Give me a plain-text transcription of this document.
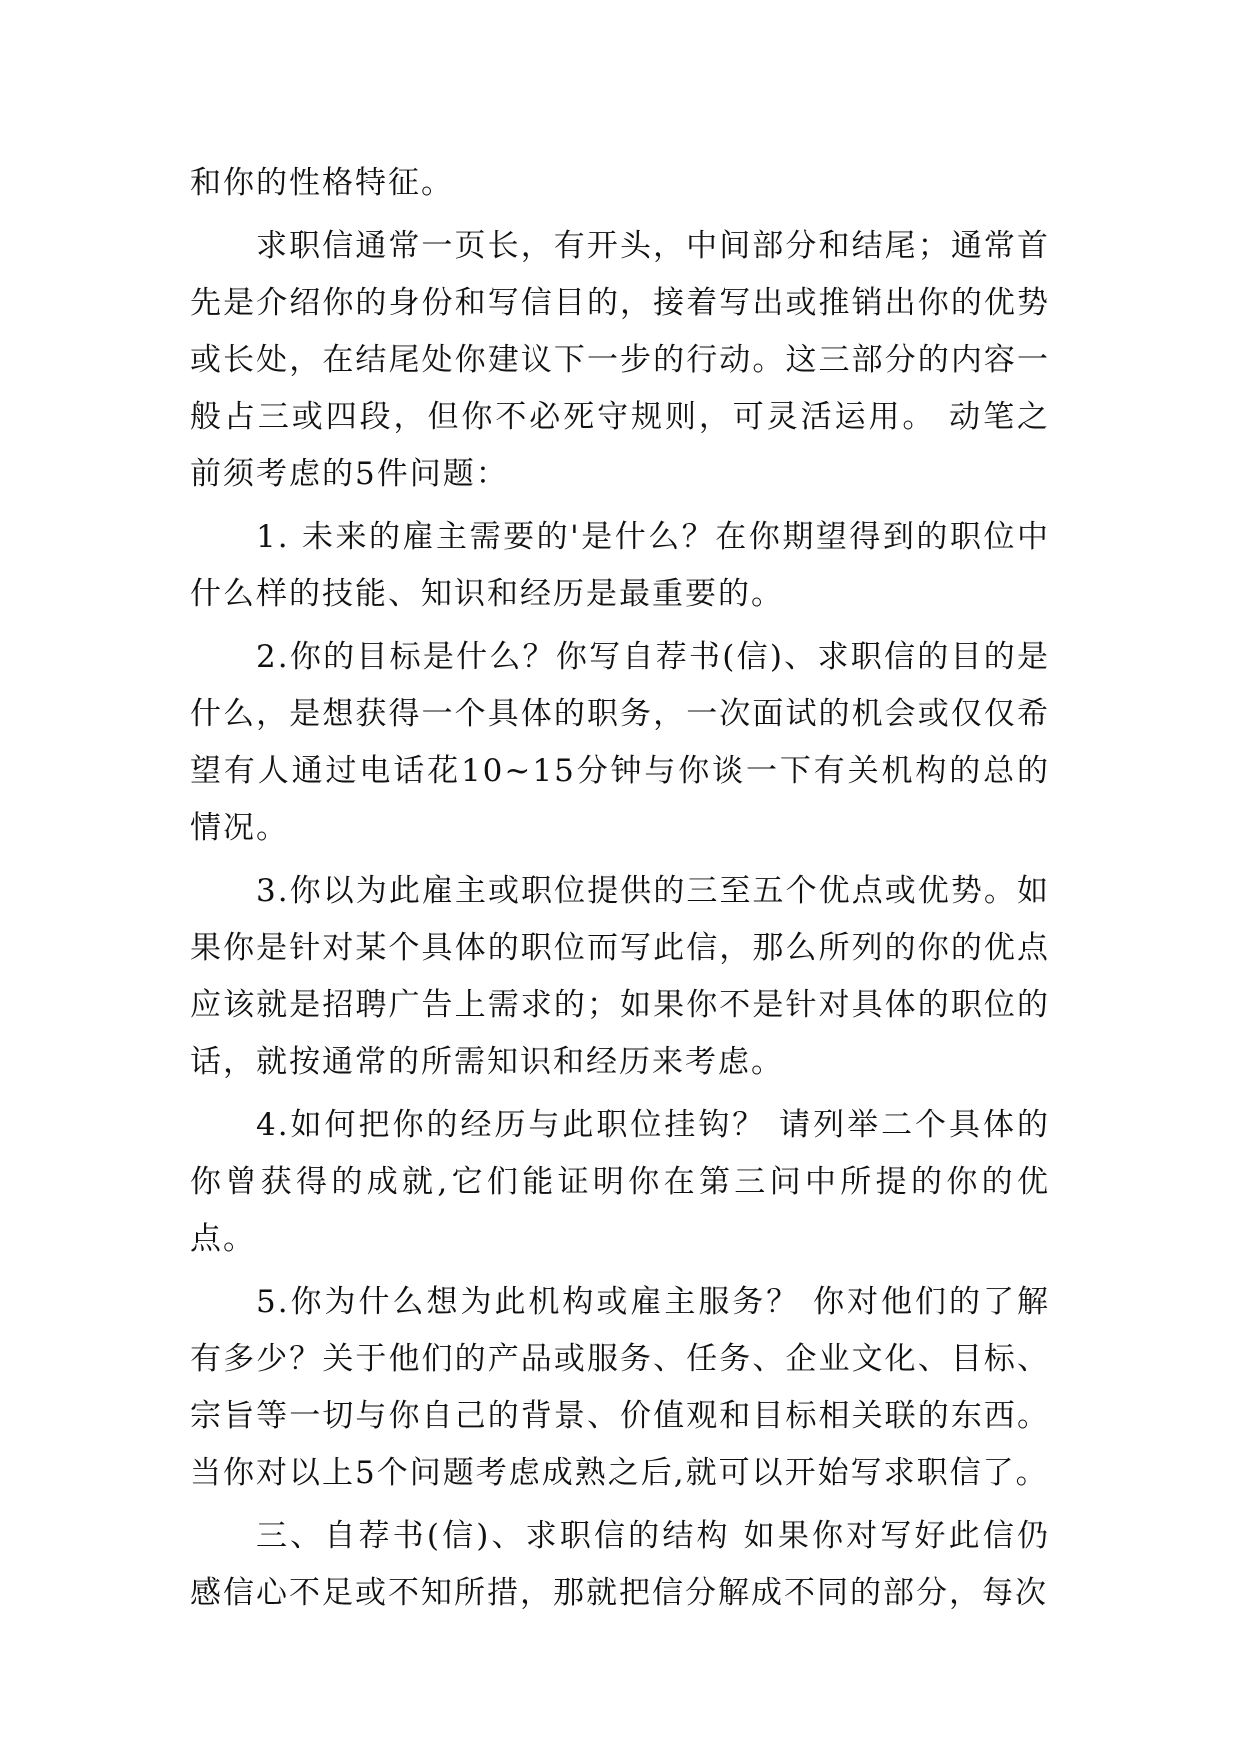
和你的性格特征。

求职信通常一页长，有开头，中间部分和结尾；通常首先是介绍你的身份和写信目的，接着写出或推销出你的优势或长处，在结尾处你建议下一步的行动。这三部分的内容一般占三或四段，但你不必死守规则，可灵活运用。 动笔之前须考虑的5件问题：

1. 未来的雇主需要的'是什么？在你期望得到的职位中什么样的技能、知识和经历是最重要的。

2.你的目标是什么？你写自荐书(信)、求职信的目的是什么，是想获得一个具体的职务，一次面试的机会或仅仅希望有人通过电话花10~15分钟与你谈一下有关机构的总的情况。

3.你以为此雇主或职位提供的三至五个优点或优势。如果你是针对某个具体的职位而写此信，那么所列的你的优点应该就是招聘广告上需求的；如果你不是针对具体的职位的话，就按通常的所需知识和经历来考虑。

4.如何把你的经历与此职位挂钩？ 请列举二个具体的你曾获得的成就,它们能证明你在第三问中所提的你的优点。

5.你为什么想为此机构或雇主服务？ 你对他们的了解有多少？关于他们的产品或服务、任务、企业文化、目标、宗旨等一切与你自己的背景、价值观和目标相关联的东西。当你对以上5个问题考虑成熟之后,就可以开始写求职信了。

三、自荐书(信)、求职信的结构 如果你对写好此信仍感信心不足或不知所措，那就把信分解成不同的部分，每次
